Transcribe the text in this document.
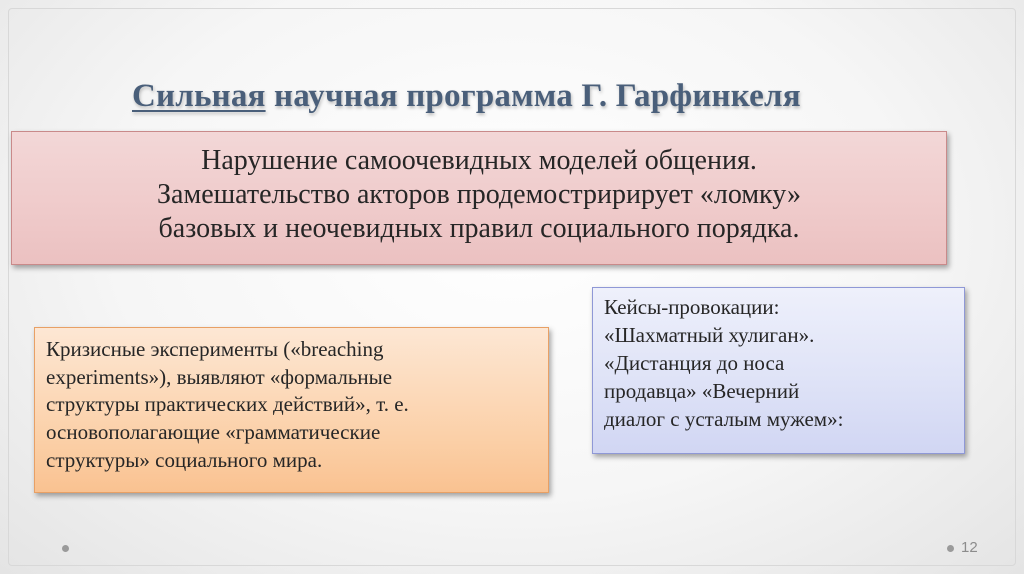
Сильная научная программа Г. Гарфинкеля
Нарушение самоочевидных моделей общения.
Замешательство акторов продемостририрует «ломку»
базовых и неочевидных правил социального порядка.
Кризисные эксперименты («breaching
experiments»), выявляют «формальные
структуры практических действий», т. е.
основополагающие «грамматические
структуры» социального мира.
Кейсы-провокации:
«Шахматный хулиган».
«Дистанция до носа
продавца» «Вечерний
диалог с усталым мужем»:
12
